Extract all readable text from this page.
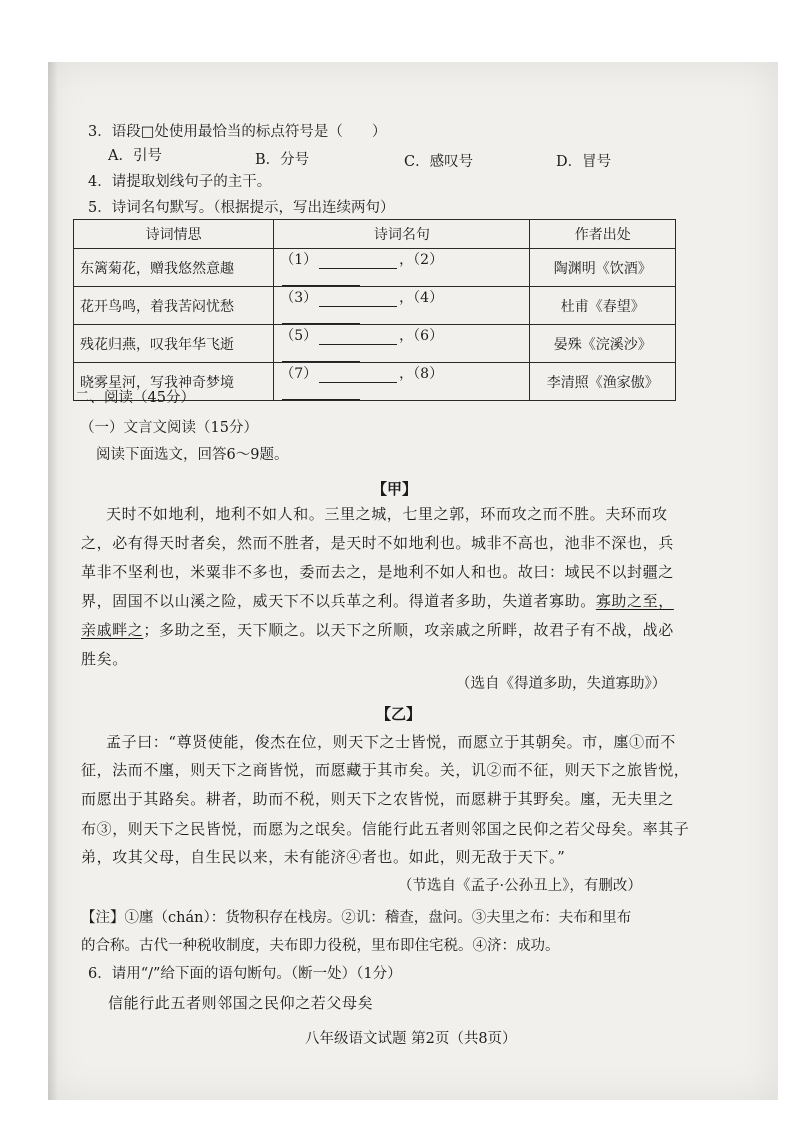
3．语段□处使用最恰当的标点符号是（　　）
A．引号	B．分号	C．感叹号	D．冒号
4．请提取划线句子的主干。
5．诗词名句默写。（根据提示，写出连续两句）
诗词情思	诗词名句	作者出处
东篱菊花，赠我悠然意趣	（1） ，（2）	陶渊明《饮酒》
花开鸟鸣，着我苦闷忧愁	（3） ，（4）	杜甫《春望》
残花归燕，叹我年华飞逝	（5） ，（6）	晏殊《浣溪沙》
晓雾星河，写我神奇梦境	（7） ，（8）	李清照《渔家傲》
二、阅读（45分）
（一）文言文阅读（15分）
阅读下面选文，回答6～9题。
【甲】
天时不如地利，地利不如人和。三里之城，七里之郭，环而攻之而不胜。夫环而攻
之，必有得天时者矣，然而不胜者，是天时不如地利也。城非不高也，池非不深也，兵
革非不坚利也，米粟非不多也，委而去之，是地利不如人和也。故曰：域民不以封疆之
界，固国不以山溪之险，威天下不以兵革之利。得道者多助，失道者寡助。寡助之至，
亲戚畔之；多助之至，天下顺之。以天下之所顺，攻亲戚之所畔，故君子有不战，战必
胜矣。
（选自《得道多助，失道寡助》）
【乙】
孟子曰：“尊贤使能，俊杰在位，则天下之士皆悦，而愿立于其朝矣。市，廛①而不
征，法而不廛，则天下之商皆悦，而愿藏于其市矣。关，讥②而不征，则天下之旅皆悦，
而愿出于其路矣。耕者，助而不税，则天下之农皆悦，而愿耕于其野矣。廛，无夫里之
布③，则天下之民皆悦，而愿为之氓矣。信能行此五者则邻国之民仰之若父母矣。率其子
弟，攻其父母，自生民以来，未有能济④者也。如此，则无敌于天下。”
（节选自《孟子·公孙丑上》，有删改）
【注】①廛（chán）：货物积存在栈房。②讥：稽查，盘问。③夫里之布：夫布和里布
的合称。古代一种税收制度，夫布即力役税，里布即住宅税。④济：成功。
6．请用“/”给下面的语句断句。（断一处）（1分）
信能行此五者则邻国之民仰之若父母矣
八年级语文试题 第2页（共8页）
